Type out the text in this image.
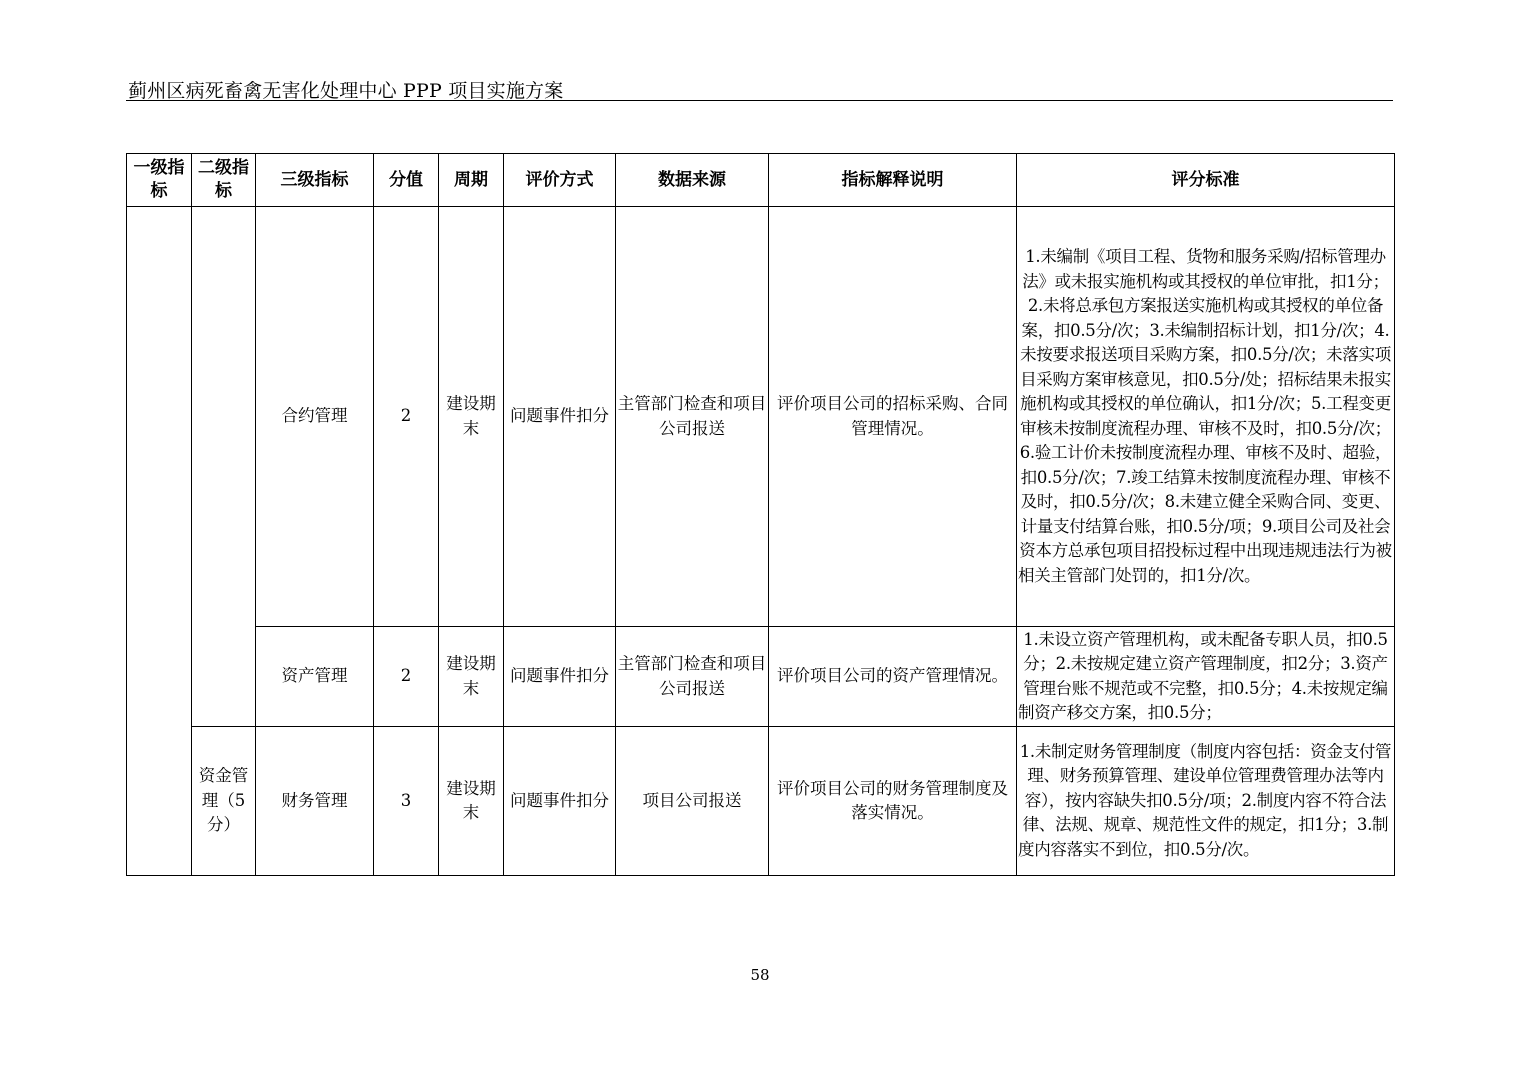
蓟州区病死畜禽无害化处理中心 PPP 项目实施方案
一级指标	二级指标	三级指标	分值	周期	评价方式	数据来源	指标解释说明	评分标准
		合约管理	2	建设期末	问题事件扣分	主管部门检查和项目公司报送	评价项目公司的招标采购、合同管理情况。	1.未编制《项目工程、货物和服务采购/招标管理办法》或未报实施机构或其授权的单位审批，扣1分；2.未将总承包方案报送实施机构或其授权的单位备案，扣0.5分/次；3.未编制招标计划，扣1分/次；4.未按要求报送项目采购方案，扣0.5分/次；未落实项目采购方案审核意见，扣0.5分/处；招标结果未报实施机构或其授权的单位确认，扣1分/次；5.工程变更审核未按制度流程办理、审核不及时，扣0.5分/次；6.验工计价未按制度流程办理、审核不及时、超验，扣0.5分/次；7.竣工结算未按制度流程办理、审核不及时，扣0.5分/次；8.未建立健全采购合同、变更、计量支付结算台账，扣0.5分/项；9.项目公司及社会资本方总承包项目招投标过程中出现违规违法行为被相关主管部门处罚的，扣1分/次。
		资产管理	2	建设期末	问题事件扣分	主管部门检查和项目公司报送	评价项目公司的资产管理情况。	1.未设立资产管理机构，或未配备专职人员，扣0.5分；2.未按规定建立资产管理制度，扣2分；3.资产管理台账不规范或不完整，扣0.5分；4.未按规定编制资产移交方案，扣0.5分；
	资金管理（5分）	财务管理	3	建设期末	问题事件扣分	项目公司报送	评价项目公司的财务管理制度及落实情况。	1.未制定财务管理制度（制度内容包括：资金支付管理、财务预算管理、建设单位管理费管理办法等内容），按内容缺失扣0.5分/项；2.制度内容不符合法律、法规、规章、规范性文件的规定，扣1分；3.制度内容落实不到位，扣0.5分/次。
58
